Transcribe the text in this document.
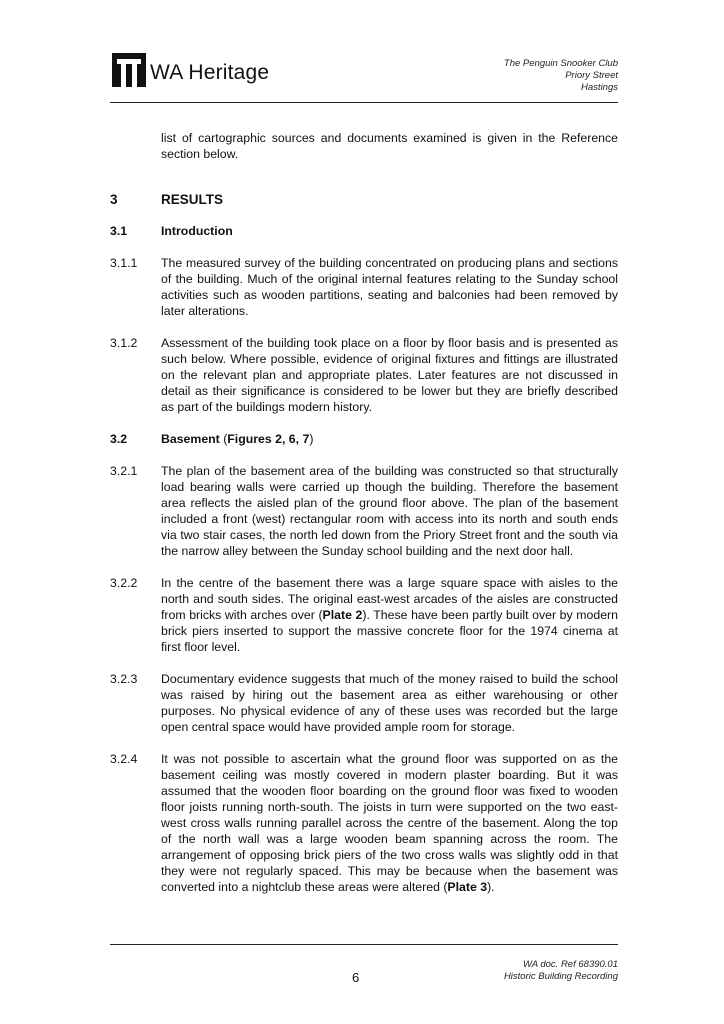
WA Heritage	The Penguin Snooker Club
Priory Street
Hastings
list of cartographic sources and documents examined is given in the Reference section below.
3	RESULTS
3.1	Introduction
3.1.1	The measured survey of the building concentrated on producing plans and sections of the building. Much of the original internal features relating to the Sunday school activities such as wooden partitions, seating and balconies had been removed by later alterations.
3.1.2	Assessment of the building took place on a floor by floor basis and is presented as such below. Where possible, evidence of original fixtures and fittings are illustrated on the relevant plan and appropriate plates. Later features are not discussed in detail as their significance is considered to be lower but they are briefly described as part of the buildings modern history.
3.2	Basement (Figures 2, 6, 7)
3.2.1	The plan of the basement area of the building was constructed so that structurally load bearing walls were carried up though the building. Therefore the basement area reflects the aisled plan of the ground floor above. The plan of the basement included a front (west) rectangular room with access into its north and south ends via two stair cases, the north led down from the Priory Street front and the south via the narrow alley between the Sunday school building and the next door hall.
3.2.2	In the centre of the basement there was a large square space with aisles to the north and south sides. The original east-west arcades of the aisles are constructed from bricks with arches over (Plate 2). These have been partly built over by modern brick piers inserted to support the massive concrete floor for the 1974 cinema at first floor level.
3.2.3	Documentary evidence suggests that much of the money raised to build the school was raised by hiring out the basement area as either warehousing or other purposes. No physical evidence of any of these uses was recorded but the large open central space would have provided ample room for storage.
3.2.4	It was not possible to ascertain what the ground floor was supported on as the basement ceiling was mostly covered in modern plaster boarding. But it was assumed that the wooden floor boarding on the ground floor was fixed to wooden floor joists running north-south. The joists in turn were supported on the two east-west cross walls running parallel across the centre of the basement. Along the top of the north wall was a large wooden beam spanning across the room. The arrangement of opposing brick piers of the two cross walls was slightly odd in that they were not regularly spaced. This may be because when the basement was converted into a nightclub these areas were altered (Plate 3).
6
WA doc. Ref 68390.01
Historic Building Recording
